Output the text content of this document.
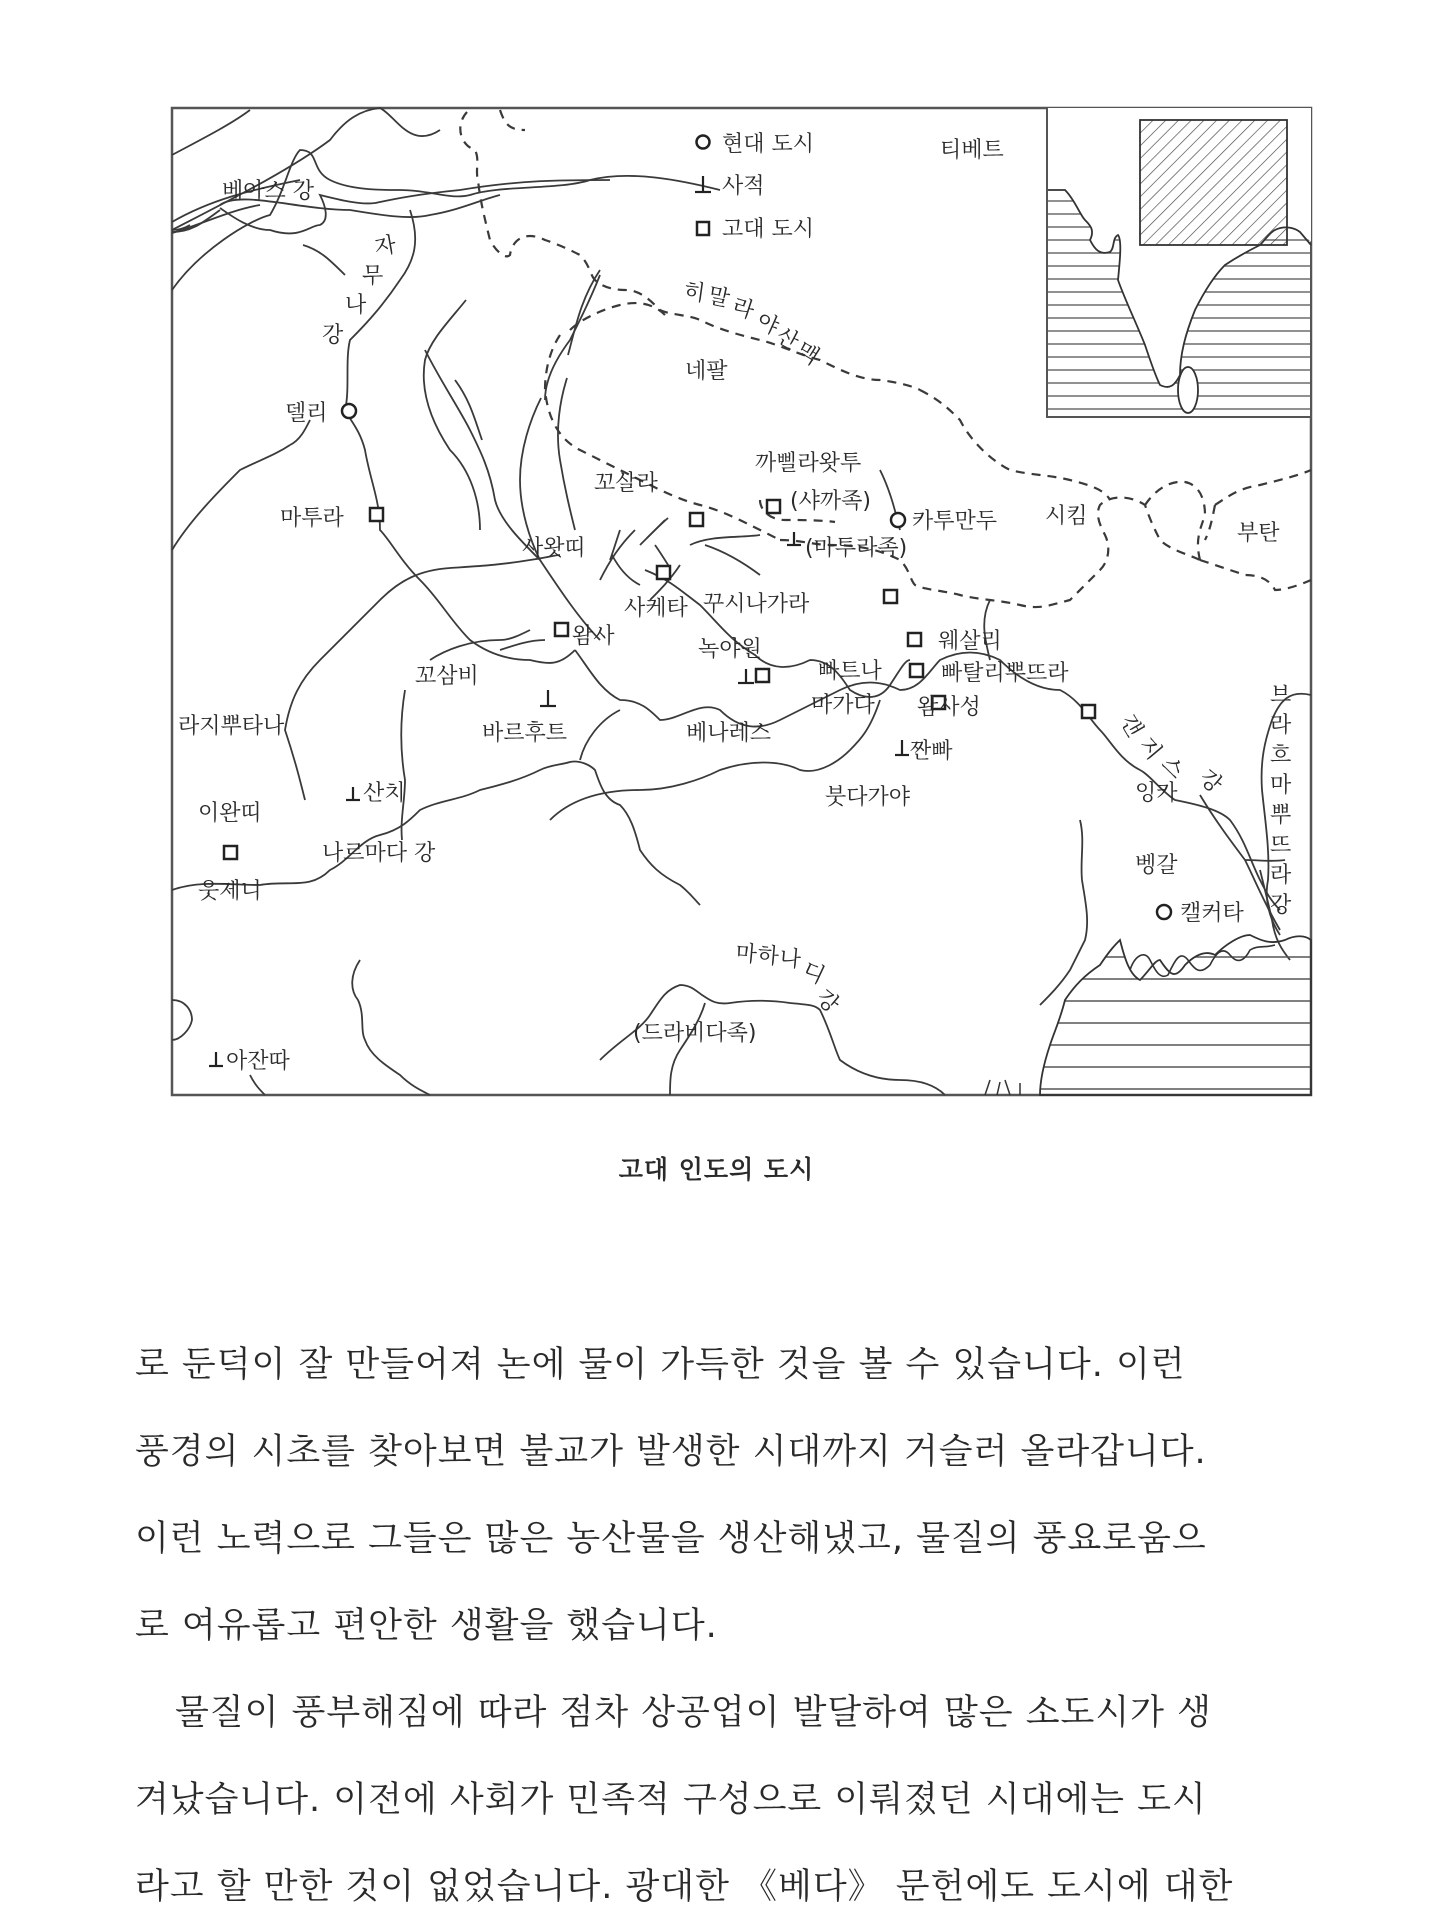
현대 도시
사적
고대 도시
티베트
히 말
라
야
산
맥
네팔
시킴
부탄
베아스 강
자
무
나
강
나르마다 강
마
하
나
디
강
갠
지
스 강
브
라
흐
마
뿌
뜨
라
강
델리
카투만두
캘커타
마투라
꼬살라
까삘라왓투
(샤까족)
사왓띠
사케타 꾸시나가라
왐사
꼬삼비
녹야원
빠트나
웨살리
빠탈리뿌뜨라
마가다 왐사성
베나레스
라지뿌타나
이완띠
웃제니
(마투라족)
바르후트
산치
짠빠
아잔따
붓다가야	잉카
벵갈
(드라비다족)
고대 인도의 도시

로 둔덕이 잘 만들어져 논에 물이 가득한 것을 볼 수 있습니다. 이런

풍경의 시초를 찾아보면 불교가 발생한 시대까지 거슬러 올라갑니다.

이런 노력으로 그들은 많은 농산물을 생산해냈고, 물질의 풍요로움으

로 여유롭고 편안한 생활을 했습니다.

물질이 풍부해짐에 따라 점차 상공업이 발달하여 많은 소도시가 생

겨났습니다. 이전에 사회가 민족적 구성으로 이뤄졌던 시대에는 도시

라고 할 만한 것이 없었습니다. 광대한 《베다》 문헌에도 도시에 대한
